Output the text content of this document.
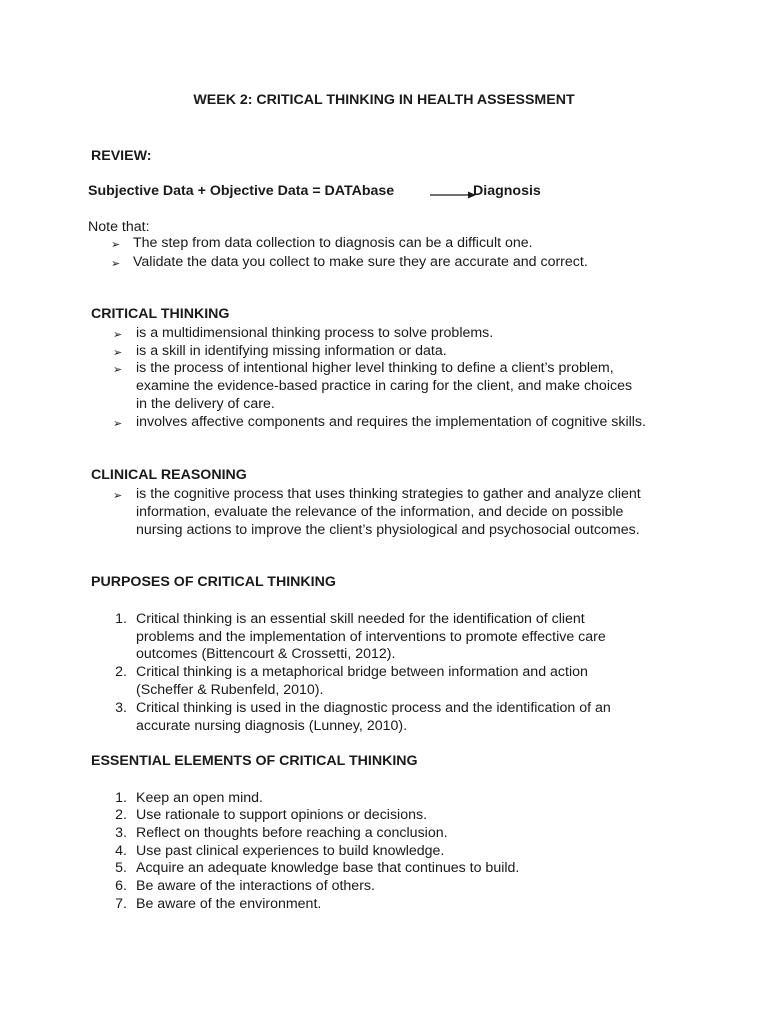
WEEK 2: CRITICAL THINKING IN HEALTH ASSESSMENT
REVIEW:
Subjective Data + Objective Data = DATAbase	Diagnosis
Note that:
➢ The step from data collection to diagnosis can be a difficult one.
➢ Validate the data you collect to make sure they are accurate and correct.
CRITICAL THINKING
➢ is a multidimensional thinking process to solve problems.
➢ is a skill in identifying missing information or data.
➢ is the process of intentional higher level thinking to define a client’s problem,
examine the evidence-based practice in caring for the client, and make choices
in the delivery of care.
➢ involves affective components and requires the implementation of cognitive skills.
CLINICAL REASONING
➢ is the cognitive process that uses thinking strategies to gather and analyze client
information, evaluate the relevance of the information, and decide on possible
nursing actions to improve the client’s physiological and psychosocial outcomes.
PURPOSES OF CRITICAL THINKING
1. Critical thinking is an essential skill needed for the identification of client
problems and the implementation of interventions to promote effective care
outcomes (Bittencourt & Crossetti, 2012).
2. Critical thinking is a metaphorical bridge between information and action
(Scheffer & Rubenfeld, 2010).
3. Critical thinking is used in the diagnostic process and the identification of an
accurate nursing diagnosis (Lunney, 2010).
ESSENTIAL ELEMENTS OF CRITICAL THINKING
1. Keep an open mind.
2. Use rationale to support opinions or decisions.
3. Reflect on thoughts before reaching a conclusion.
4. Use past clinical experiences to build knowledge.
5. Acquire an adequate knowledge base that continues to build.
6. Be aware of the interactions of others.
7. Be aware of the environment.
